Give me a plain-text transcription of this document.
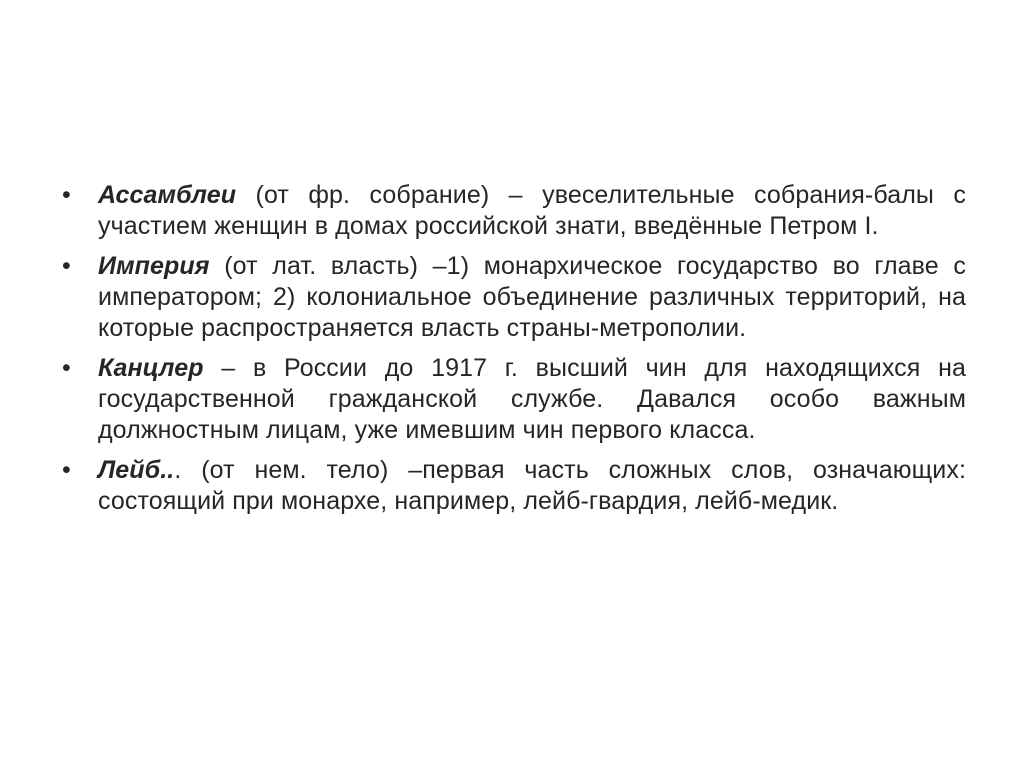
•	Ассамблеи (от фр. собрание) – увеселительные собрания-балы с участием женщин в домах российской знати, введённые Петром I.
•	Империя (от лат. власть) –1) монархическое государство во главе с императором; 2) колониальное объединение различных территорий, на которые распространяется власть страны-метрополии.
•	Канцлер – в России до 1917 г. высший чин для находящихся на государственной гражданской службе. Давался особо важным должностным лицам, уже имевшим чин первого класса.
•	Лейб... (от нем. тело) –первая часть сложных слов, означающих: состоящий при монархе, например, лейб-гвардия, лейб-медик.
